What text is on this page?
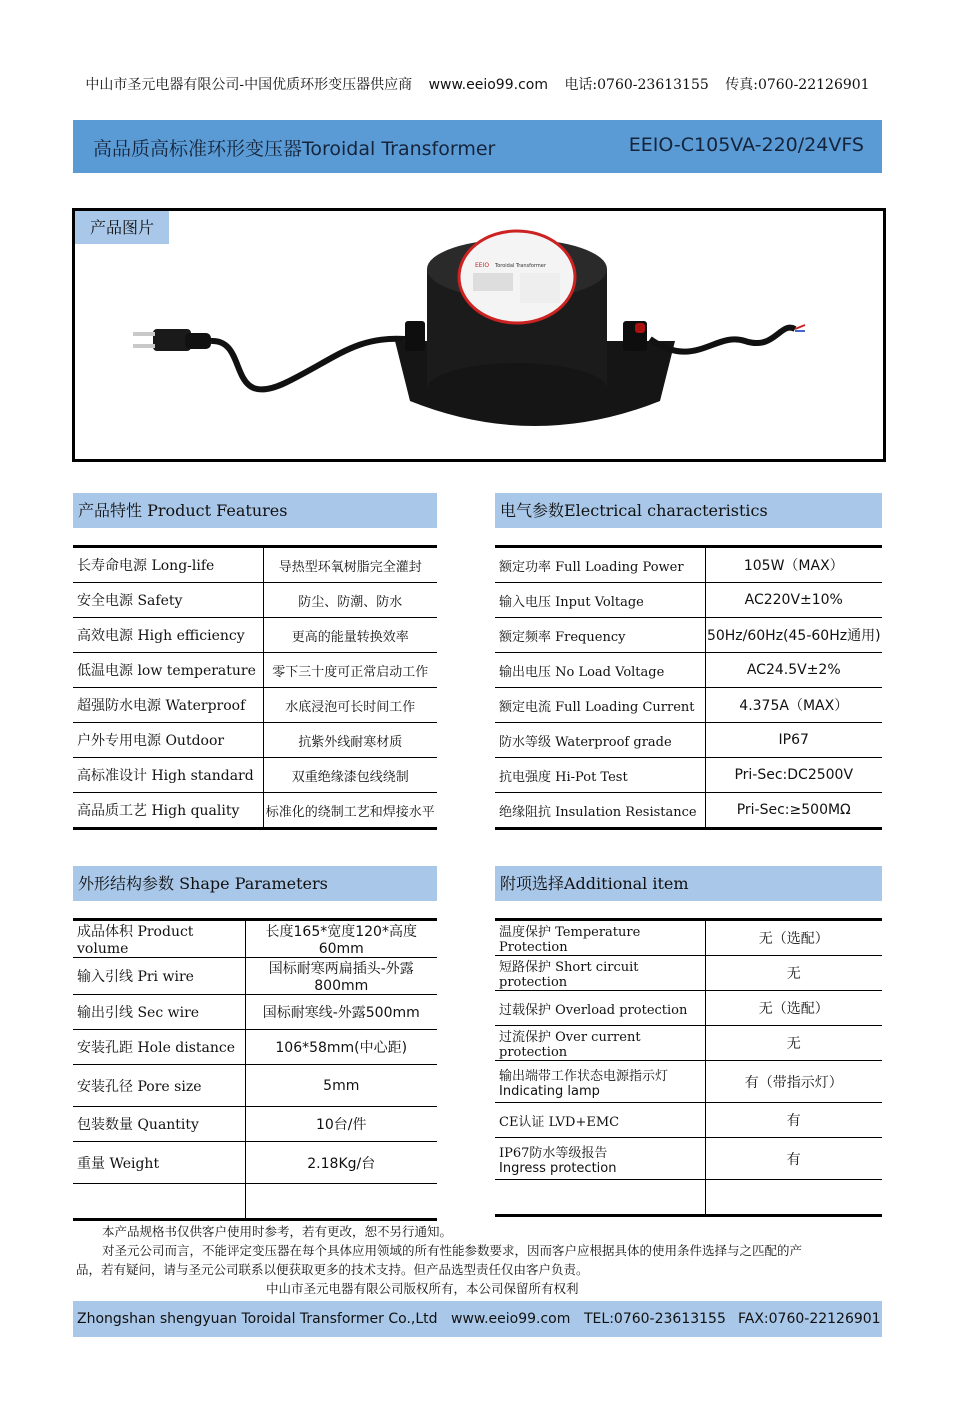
中山市圣元电器有限公司-中国优质环形变压器供应商 www.eeio99.com 电话:0760-23613155 传真:0760-22126901
高品质高标准环形变压器Toroidal Transformer	EEIO-C105VA-220/24VFS
EEIO Toroidal Transformer
产品图片
产品特性 Product Features
长寿命电源 Long-life	导热型环氧树脂完全灌封
安全电源 Safety	防尘、防潮、防水
高效电源 High efficiency	更高的能量转换效率
低温电源 low temperature	零下三十度可正常启动工作
超强防水电源 Waterproof	水底浸泡可长时间工作
户外专用电源 Outdoor	抗紫外线耐寒材质
高标准设计 High standard	双重绝缘漆包线绕制
高品质工艺 High quality	标准化的绕制工艺和焊接水平
电气参数Electrical characteristics
额定功率 Full Loading Power	105W（MAX）
输入电压 Input Voltage	AC220V±10%
额定频率 Frequency	50Hz/60Hz(45-60Hz通用)
输出电压 No Load Voltage	AC24.5V±2%
额定电流 Full Loading Current	4.375A（MAX）
防水等级 Waterproof grade	IP67
抗电强度 Hi-Pot Test	Pri-Sec:DC2500V
绝缘阻抗 Insulation Resistance	Pri-Sec:≥500MΩ
外形结构参数 Shape Parameters
成品体积 Product volume	长度165*宽度120*高度60mm
输入引线 Pri wire	国标耐寒两扁插头-外露800mm
输出引线 Sec wire	国标耐寒线-外露500mm
安装孔距 Hole distance	106*58mm(中心距)
安装孔径 Pore size	5mm
包装数量 Quantity	10台/件
重量 Weight	2.18Kg/台

附项选择Additional item
温度保护 Temperature Protection	无（选配）
短路保护 Short circuit protection	无
过载保护 Overload protection	无（选配）
过流保护 Over current protection	无
输出端带工作状态电源指示灯
Indicating lamp	有（带指示灯）
CE认证 LVD+EMC	有
IP67防水等级报告
Ingress protection	有

本产品规格书仅供客户使用时参考，若有更改，恕不另行通知。
对圣元公司而言，不能评定变压器在每个具体应用领域的所有性能参数要求，因而客户应根据具体的使用条件选择与之匹配的产
品，若有疑问，请与圣元公司联系以便获取更多的技术支持。但产品选型责任仅由客户负责。
中山市圣元电器有限公司版权所有，本公司保留所有权利
Zhongshan shengyuan Toroidal Transformer Co.,Ltd www.eeio99.com TEL:0760-23613155 FAX:0760-22126901
